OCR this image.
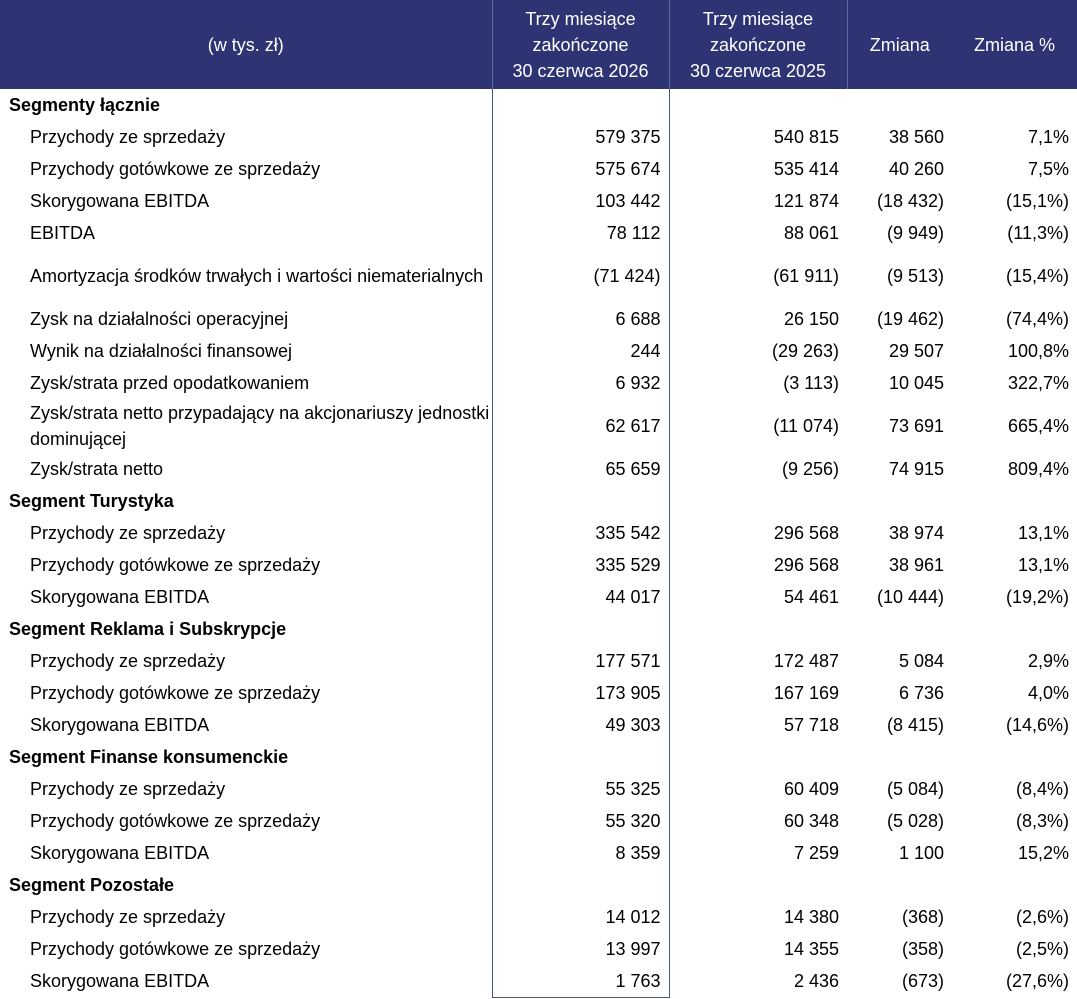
(w tys. zł)	Trzy miesiące
zakończone
30 czerwca 2026	Trzy miesiące
zakończone
30 czerwca 2025	Zmiana	Zmiana %
Segmenty łącznie				
Przychody ze sprzedaży	579 375	540 815	38 560	7,1%
Przychody gotówkowe ze sprzedaży	575 674	535 414	40 260	7,5%
Skorygowana EBITDA	103 442	121 874	(18 432)	(15,1%)
EBITDA	78 112	88 061	(9 949)	(11,3%)
Amortyzacja środków trwałych i wartości niematerialnych	(71 424)	(61 911)	(9 513)	(15,4%)
Zysk na działalności operacyjnej	6 688	26 150	(19 462)	(74,4%)
Wynik na działalności finansowej	244	(29 263)	29 507	100,8%
Zysk/strata przed opodatkowaniem	6 932	(3 113)	10 045	322,7%
Zysk/strata netto przypadający na akcjonariuszy jednostki dominującej	62 617	(11 074)	73 691	665,4%
Zysk/strata netto	65 659	(9 256)	74 915	809,4%
Segment Turystyka				
Przychody ze sprzedaży	335 542	296 568	38 974	13,1%
Przychody gotówkowe ze sprzedaży	335 529	296 568	38 961	13,1%
Skorygowana EBITDA	44 017	54 461	(10 444)	(19,2%)
Segment Reklama i Subskrypcje				
Przychody ze sprzedaży	177 571	172 487	5 084	2,9%
Przychody gotówkowe ze sprzedaży	173 905	167 169	6 736	4,0%
Skorygowana EBITDA	49 303	57 718	(8 415)	(14,6%)
Segment Finanse konsumenckie				
Przychody ze sprzedaży	55 325	60 409	(5 084)	(8,4%)
Przychody gotówkowe ze sprzedaży	55 320	60 348	(5 028)	(8,3%)
Skorygowana EBITDA	8 359	7 259	1 100	15,2%
Segment Pozostałe				
Przychody ze sprzedaży	14 012	14 380	(368)	(2,6%)
Przychody gotówkowe ze sprzedaży	13 997	14 355	(358)	(2,5%)
Skorygowana EBITDA	1 763	2 436	(673)	(27,6%)
